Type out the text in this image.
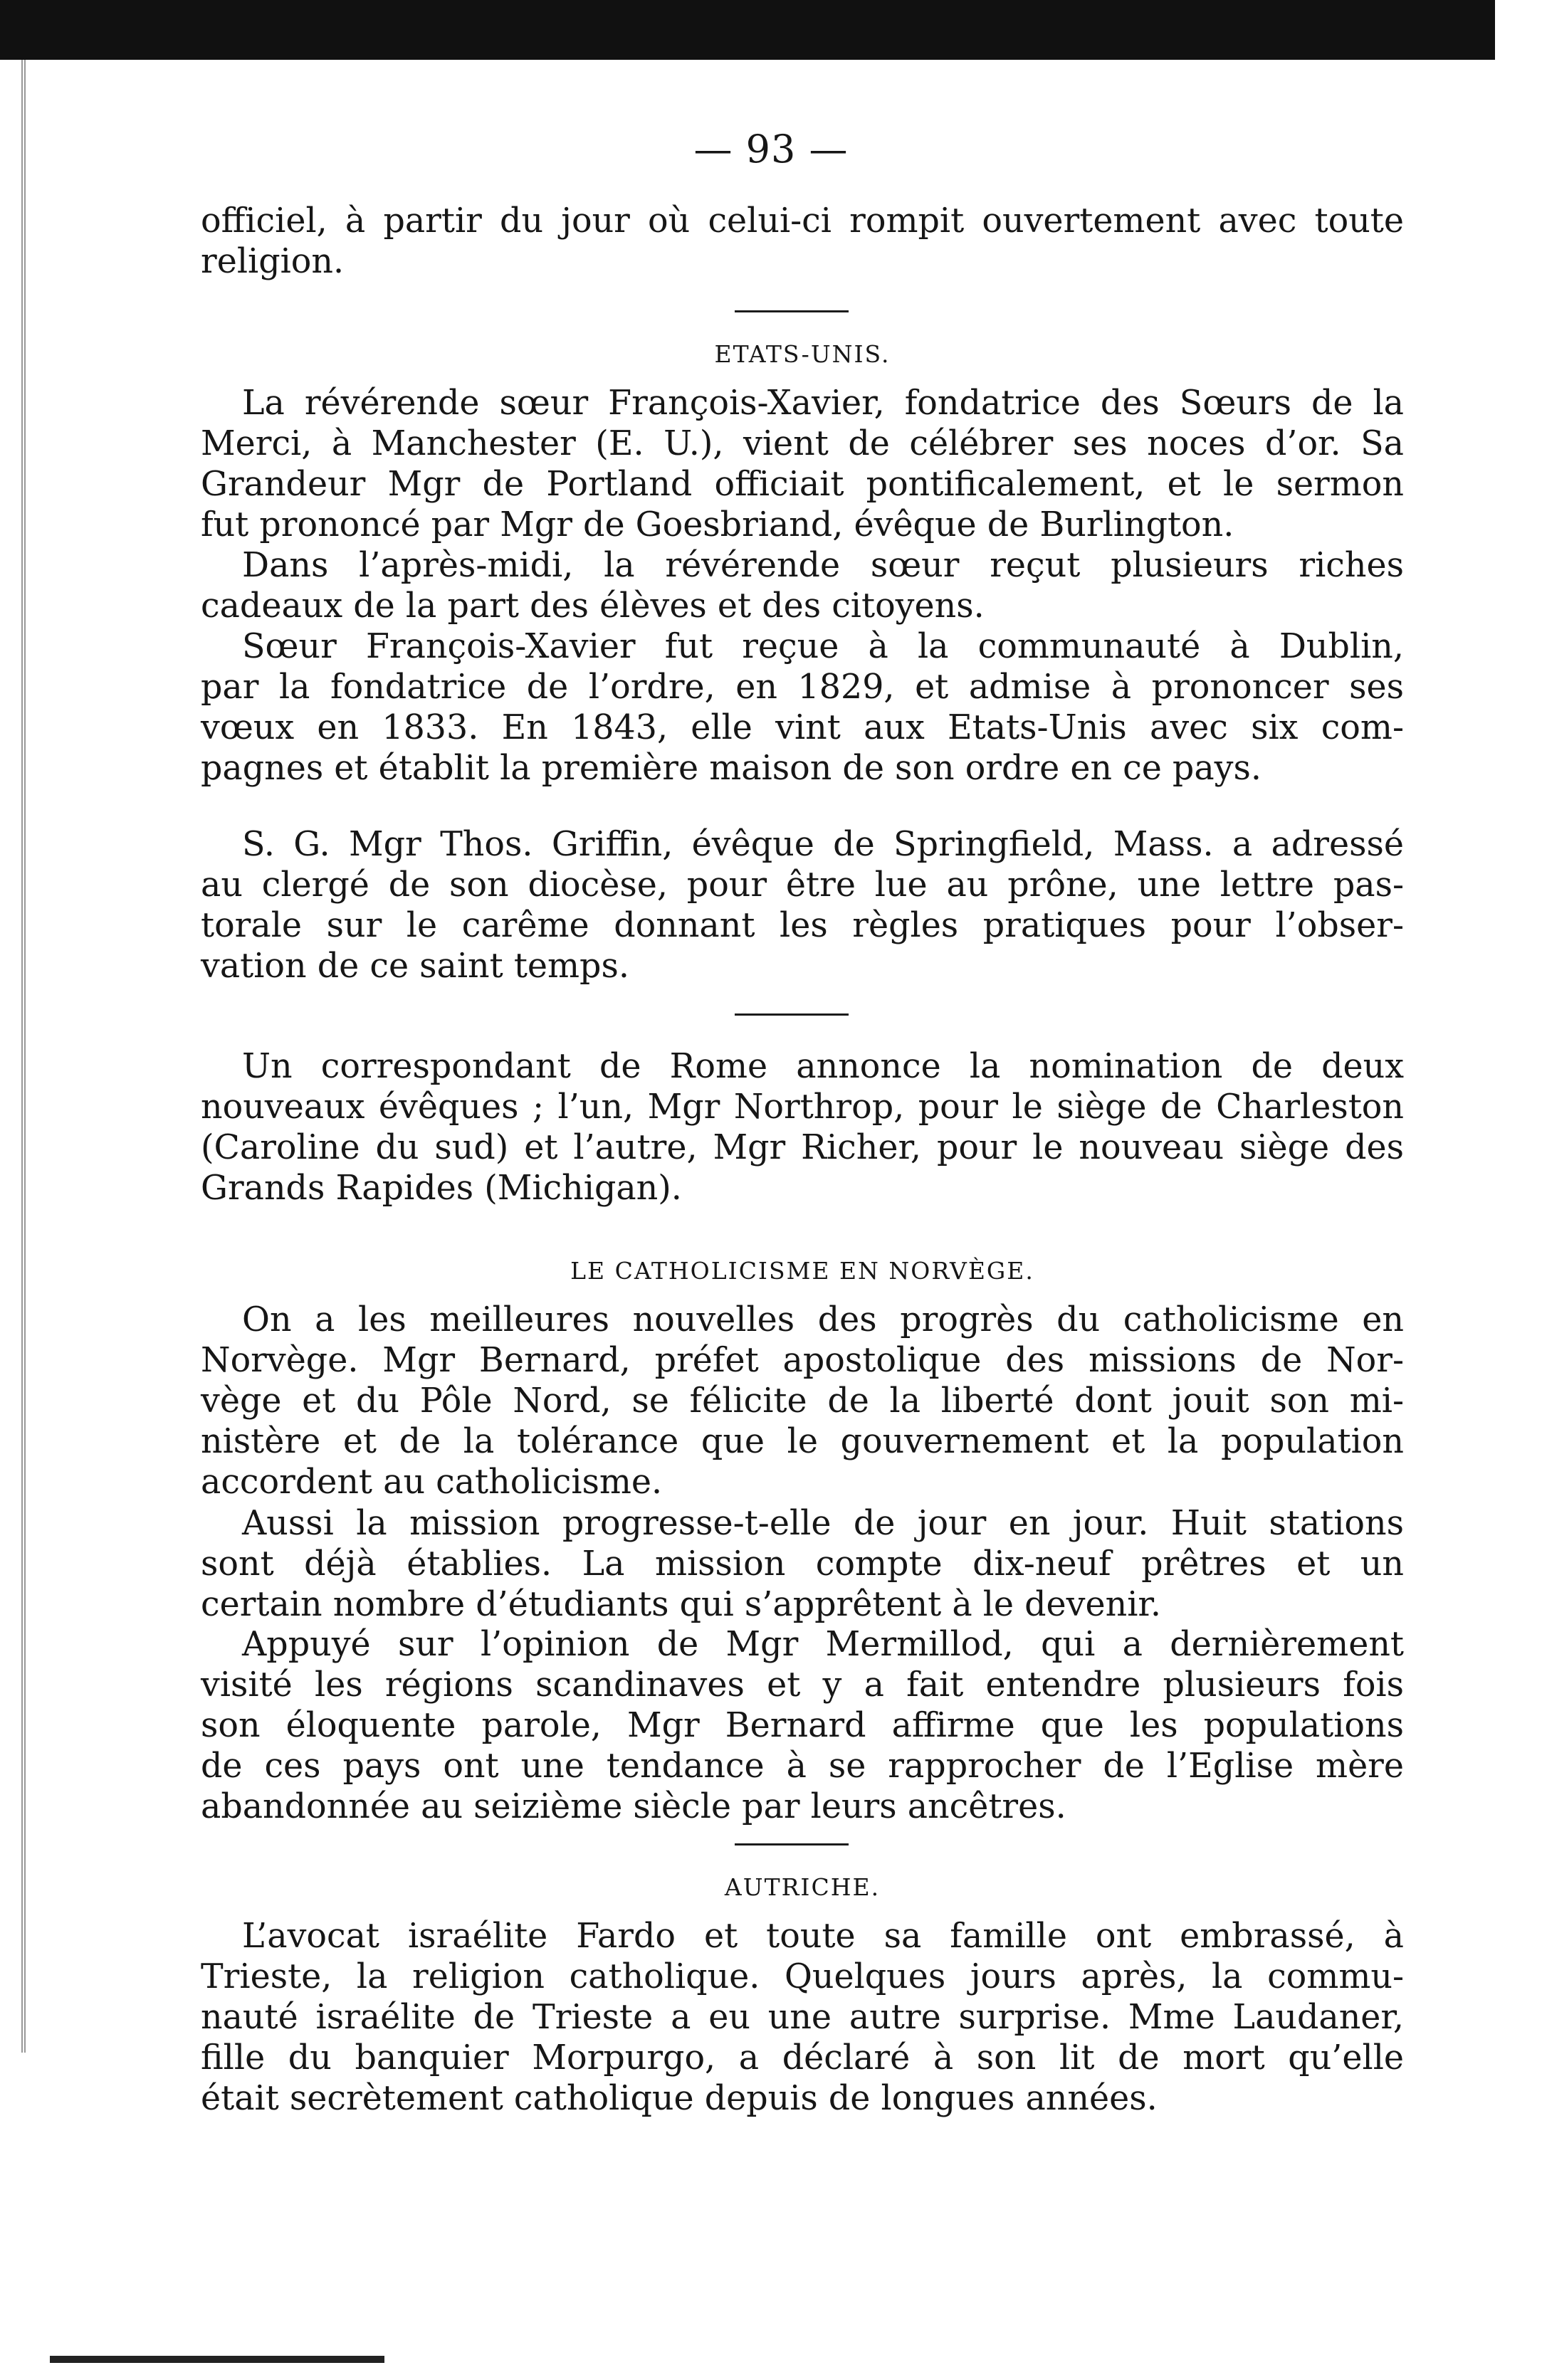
— 93 —
officiel, à partir du jour où celui-ci rompit ouvertement avec toute
religion.
ETATS-UNIS.
La révérende sœur François-Xavier, fondatrice des Sœurs de la
Merci, à Manchester (E. U.), vient de célébrer ses noces d’or. Sa
Grandeur Mgr de Portland officiait pontificalement, et le sermon
fut prononcé par Mgr de Goesbriand, évêque de Burlington.
Dans l’après-midi, la révérende sœur reçut plusieurs riches
cadeaux de la part des élèves et des citoyens.
Sœur François-Xavier fut reçue à la communauté à Dublin,
par la fondatrice de l’ordre, en 1829, et admise à prononcer ses
vœux en 1833. En 1843, elle vint aux Etats-Unis avec six com-
pagnes et établit la première maison de son ordre en ce pays.
S. G. Mgr Thos. Griffin, évêque de Springfield, Mass. a adressé
au clergé de son diocèse, pour être lue au prône, une lettre pas-
torale sur le carême donnant les règles pratiques pour l’obser-
vation de ce saint temps.
Un correspondant de Rome annonce la nomination de deux
nouveaux évêques ; l’un, Mgr Northrop, pour le siège de Charleston
(Caroline du sud) et l’autre, Mgr Richer, pour le nouveau siège des
Grands Rapides (Michigan).
LE CATHOLICISME EN NORVÈGE.
On a les meilleures nouvelles des progrès du catholicisme en
Norvège. Mgr Bernard, préfet apostolique des missions de Nor-
vège et du Pôle Nord, se félicite de la liberté dont jouit son mi-
nistère et de la tolérance que le gouvernement et la population
accordent au catholicisme.
Aussi la mission progresse-t-elle de jour en jour. Huit stations
sont déjà établies. La mission compte dix-neuf prêtres et un
certain nombre d’étudiants qui s’apprêtent à le devenir.
Appuyé sur l’opinion de Mgr Mermillod, qui a dernièrement
visité les régions scandinaves et y a fait entendre plusieurs fois
son éloquente parole, Mgr Bernard affirme que les populations
de ces pays ont une tendance à se rapprocher de l’Eglise mère
abandonnée au seizième siècle par leurs ancêtres.
AUTRICHE.
L’avocat israélite Fardo et toute sa famille ont embrassé, à
Trieste, la religion catholique. Quelques jours après, la commu-
nauté israélite de Trieste a eu une autre surprise. Mme Laudaner,
fille du banquier Morpurgo, a déclaré à son lit de mort qu’elle
était secrètement catholique depuis de longues années.
